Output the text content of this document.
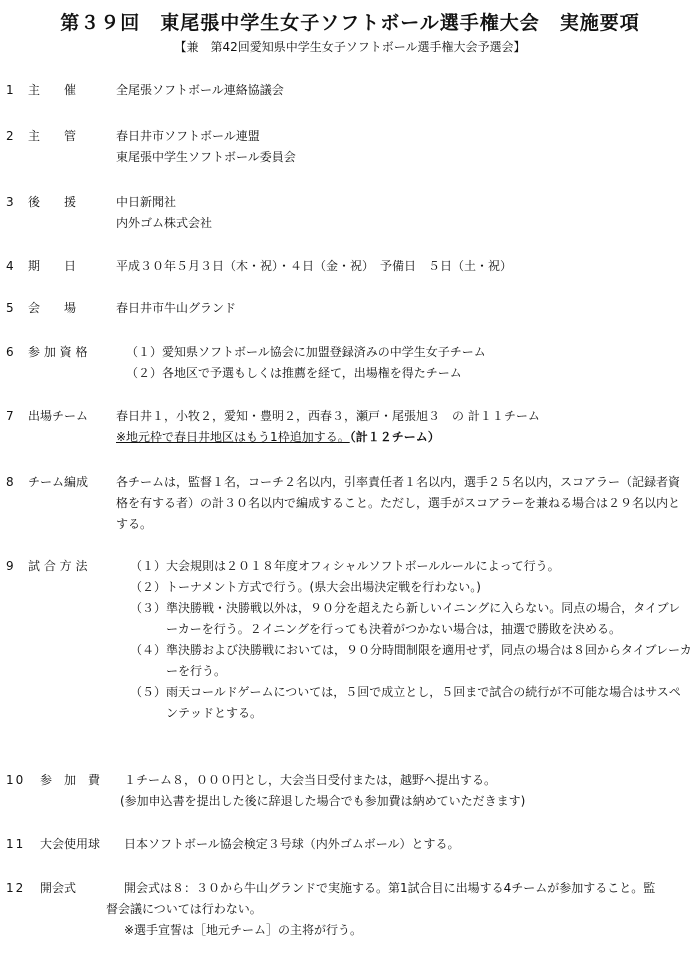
第３９回　東尾張中学生女子ソフトボール選手権大会　実施要項
【兼　第42回愛知県中学生女子ソフトボール選手権大会予選会】
1 主　　催	全尾張ソフトボール連絡協議会
2 主　　管	春日井市ソフトボール連盟
東尾張中学生ソフトボール委員会
3 後　　援	中日新聞社
内外ゴム株式会社
4 期　　日	平成３０年５月３日（木・祝）・４日（金・祝）　予備日　５日（土・祝）
5 会　　場	春日井市牛山グランド
6 参 加 資 格	（１）愛知県ソフトボール協会に加盟登録済みの中学生女子チーム
（２）各地区で予選もしくは推薦を経て，出場権を得たチーム
7 出場チーム 春日井１，小牧２，愛知・豊明２，西春３，瀬戸・尾張旭３　の 計１１チーム
※地元枠で春日井地区はもう1枠追加する。（計１２チーム）
8 チーム編成 各チームは，監督１名，コーチ２名以内，引率責任者１名以内，選手２５名以内，スコアラー（記録者資格を有する者）の計３０名以内で編成すること。ただし，選手がスコアラーを兼ねる場合は２９名以内とする。
9 試 合 方 法	（１）大会規則は２０１８年度オフィシャルソフトボールルールによって行う。
（２）トーナメント方式で行う。(県大会出場決定戦を行わない。)
（３）準決勝戦・決勝戦以外は，９０分を超えたら新しいイニングに入らない。同点の場合，タイブレーカーを行う。２イニングを行っても決着がつかない場合は，抽選で勝敗を決める。
（４）準決勝および決勝戦においては，９０分時間制限を適用せず，同点の場合は８回からタイブレーカーを行う。
（５）雨天コールドゲームについては，５回で成立とし，５回まで試合の続行が不可能な場合はサスペンテッドとする。
10 参　加　費 １チーム８，０００円とし，大会当日受付または，越野へ提出する。
(参加申込書を提出した後に辞退した場合でも参加費は納めていただきます)
11 大会使用球 日本ソフトボール協会検定３号球（内外ゴムボール）とする。
12 開会式	開会式は８：３０から牛山グランドで実施する。第1試合目に出場する4チームが参加すること。監督会議については行わない。
※選手宣誓は［地元チーム］の主将が行う。
